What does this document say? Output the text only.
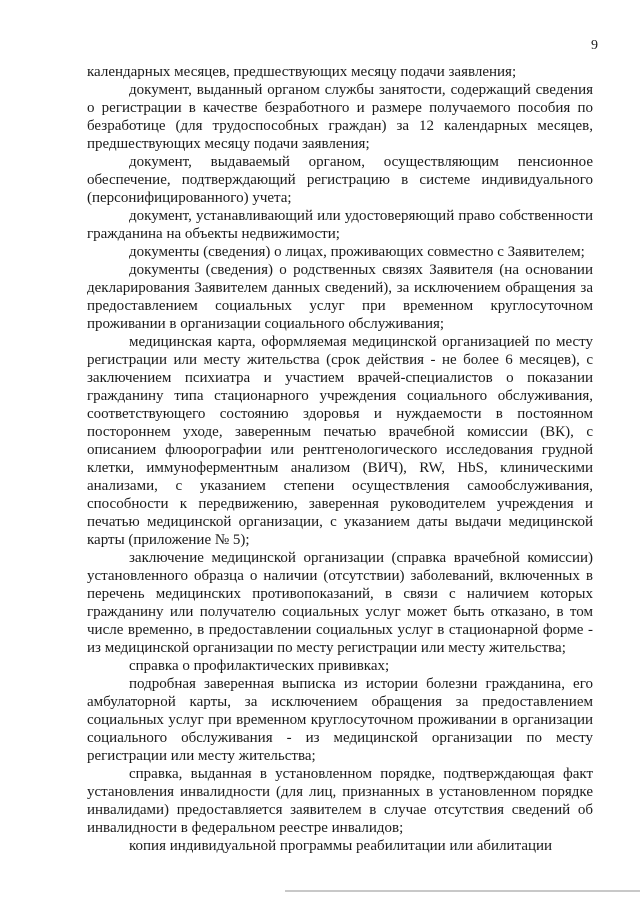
9

календарных месяцев, предшествующих месяцу подачи заявления;

документ, выданный органом службы занятости, содержащий сведения о регистрации в качестве безработного и размере получаемого пособия по безработице (для трудоспособных граждан) за 12 календарных месяцев, предшествующих месяцу подачи заявления;

документ, выдаваемый органом, осуществляющим пенсионное обеспечение, подтверждающий регистрацию в системе индивидуального (персонифицированного) учета;

документ, устанавливающий или удостоверяющий право собственности гражданина на объекты недвижимости;

документы (сведения) о лицах, проживающих совместно с Заявителем;

документы (сведения) о родственных связях Заявителя (на основании декларирования Заявителем данных сведений), за исключением обращения за предоставлением социальных услуг при временном круглосуточном проживании в организации социального обслуживания;

медицинская карта, оформляемая медицинской организацией по месту регистрации или месту жительства (срок действия - не более 6 месяцев), с заключением психиатра и участием врачей-специалистов о показании гражданину типа стационарного учреждения социального обслуживания, соответствующего состоянию здоровья и нуждаемости в постоянном постороннем уходе, заверенным печатью врачебной комиссии (ВК), с описанием флюорографии или рентгенологического исследования грудной клетки, иммуноферментным анализом (ВИЧ), RW, HbS, клиническими анализами, с указанием степени осуществления самообслуживания, способности к передвижению, заверенная руководителем учреждения и печатью медицинской организации, с указанием даты выдачи медицинской карты (приложение № 5);

заключение медицинской организации (справка врачебной комиссии) установленного образца о наличии (отсутствии) заболеваний, включенных в перечень медицинских противопоказаний, в связи с наличием которых гражданину или получателю социальных услуг может быть отказано, в том числе временно, в предоставлении социальных услуг в стационарной форме - из медицинской организации по месту регистрации или месту жительства;

справка о профилактических прививках;

подробная заверенная выписка из истории болезни гражданина, его амбулаторной карты, за исключением обращения за предоставлением социальных услуг при временном круглосуточном проживании в организации социального обслуживания - из медицинской организации по месту регистрации или месту жительства;

справка, выданная в установленном порядке, подтверждающая факт установления инвалидности (для лиц, признанных в установленном порядке инвалидами) предоставляется заявителем в случае отсутствия сведений об инвалидности в федеральном реестре инвалидов;

копия индивидуальной программы реабилитации или абилитации
